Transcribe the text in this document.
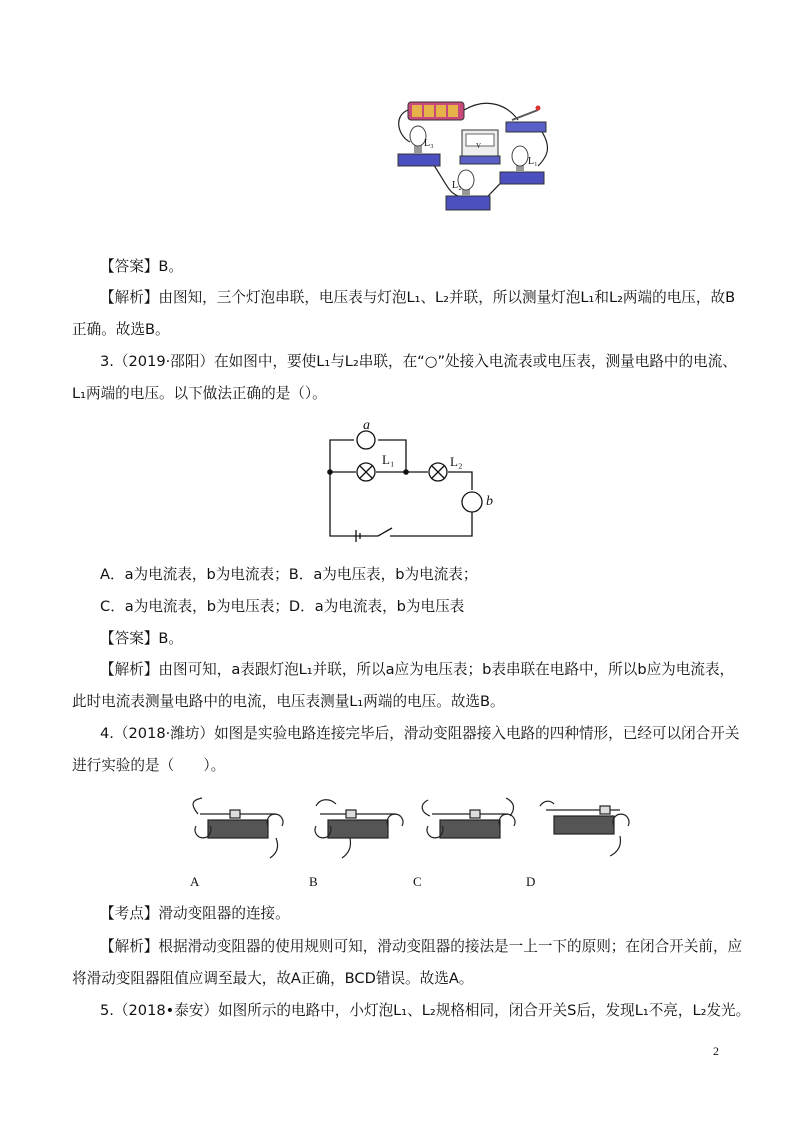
L₃
L₁
L₂
V
【答案】B。
【解析】由图知，三个灯泡串联，电压表与灯泡L₁、L₂并联，所以测量灯泡L₁和L₂两端的电压，故B
正确。故选B。
3.（2019·邵阳）在如图中，要使L₁与L₂串联，在“○”处接入电流表或电压表，测量电路中的电流、
L₁两端的电压。以下做法正确的是（）。
a
L₁	L₂
b
A．a为电流表，b为电流表；B．a为电压表，b为电流表；
C．a为电流表，b为电压表；D．a为电流表，b为电压表
【答案】B。
【解析】由图可知，a表跟灯泡L₁并联，所以a应为电压表；b表串联在电路中，所以b应为电流表，
此时电流表测量电路中的电流，电压表测量L₁两端的电压。故选B。
4.（2018·潍坊）如图是实验电路连接完毕后，滑动变阻器接入电路的四种情形，已经可以闭合开关
进行实验的是（　　）。
A	B	C	D
【考点】滑动变阻器的连接。
【解析】根据滑动变阻器的使用规则可知，滑动变阻器的接法是一上一下的原则；在闭合开关前，应
将滑动变阻器阻值应调至最大，故A正确，BCD错误。故选A。
5.（2018•泰安）如图所示的电路中，小灯泡L₁、L₂规格相同，闭合开关S后，发现L₁不亮，L₂发光。
2
